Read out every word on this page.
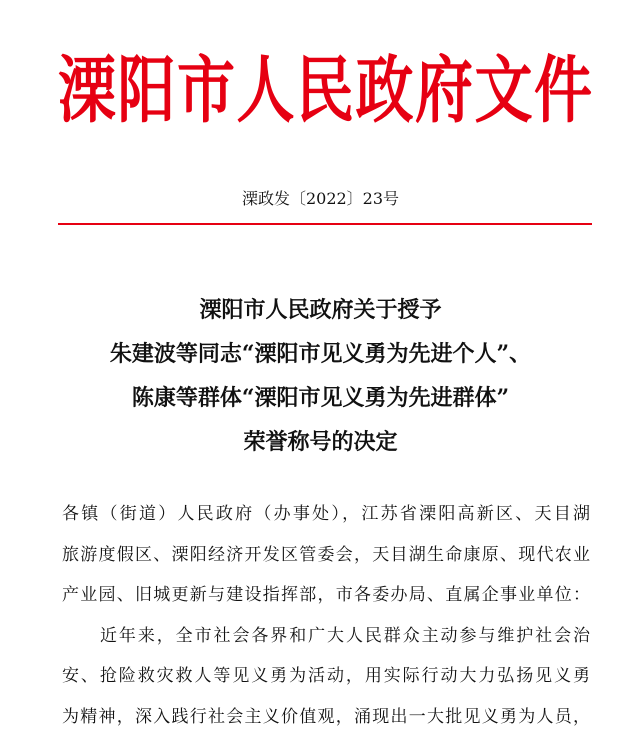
溧阳市人民政府文件
溧政发〔2022〕23号
溧阳市人民政府关于授予
朱建波等同志“溧阳市见义勇为先进个人”、
陈康等群体“溧阳市见义勇为先进群体”
荣誉称号的决定
各镇（街道）人民政府（办事处），江苏省溧阳高新区、天目湖
旅游度假区、溧阳经济开发区管委会，天目湖生命康原、现代农业
产业园、旧城更新与建设指挥部，市各委办局、直属企事业单位：
近年来，全市社会各界和广大人民群众主动参与维护社会治
安、抢险救灾救人等见义勇为活动，用实际行动大力弘扬见义勇
为精神，深入践行社会主义价值观，涌现出一大批见义勇为人员，
